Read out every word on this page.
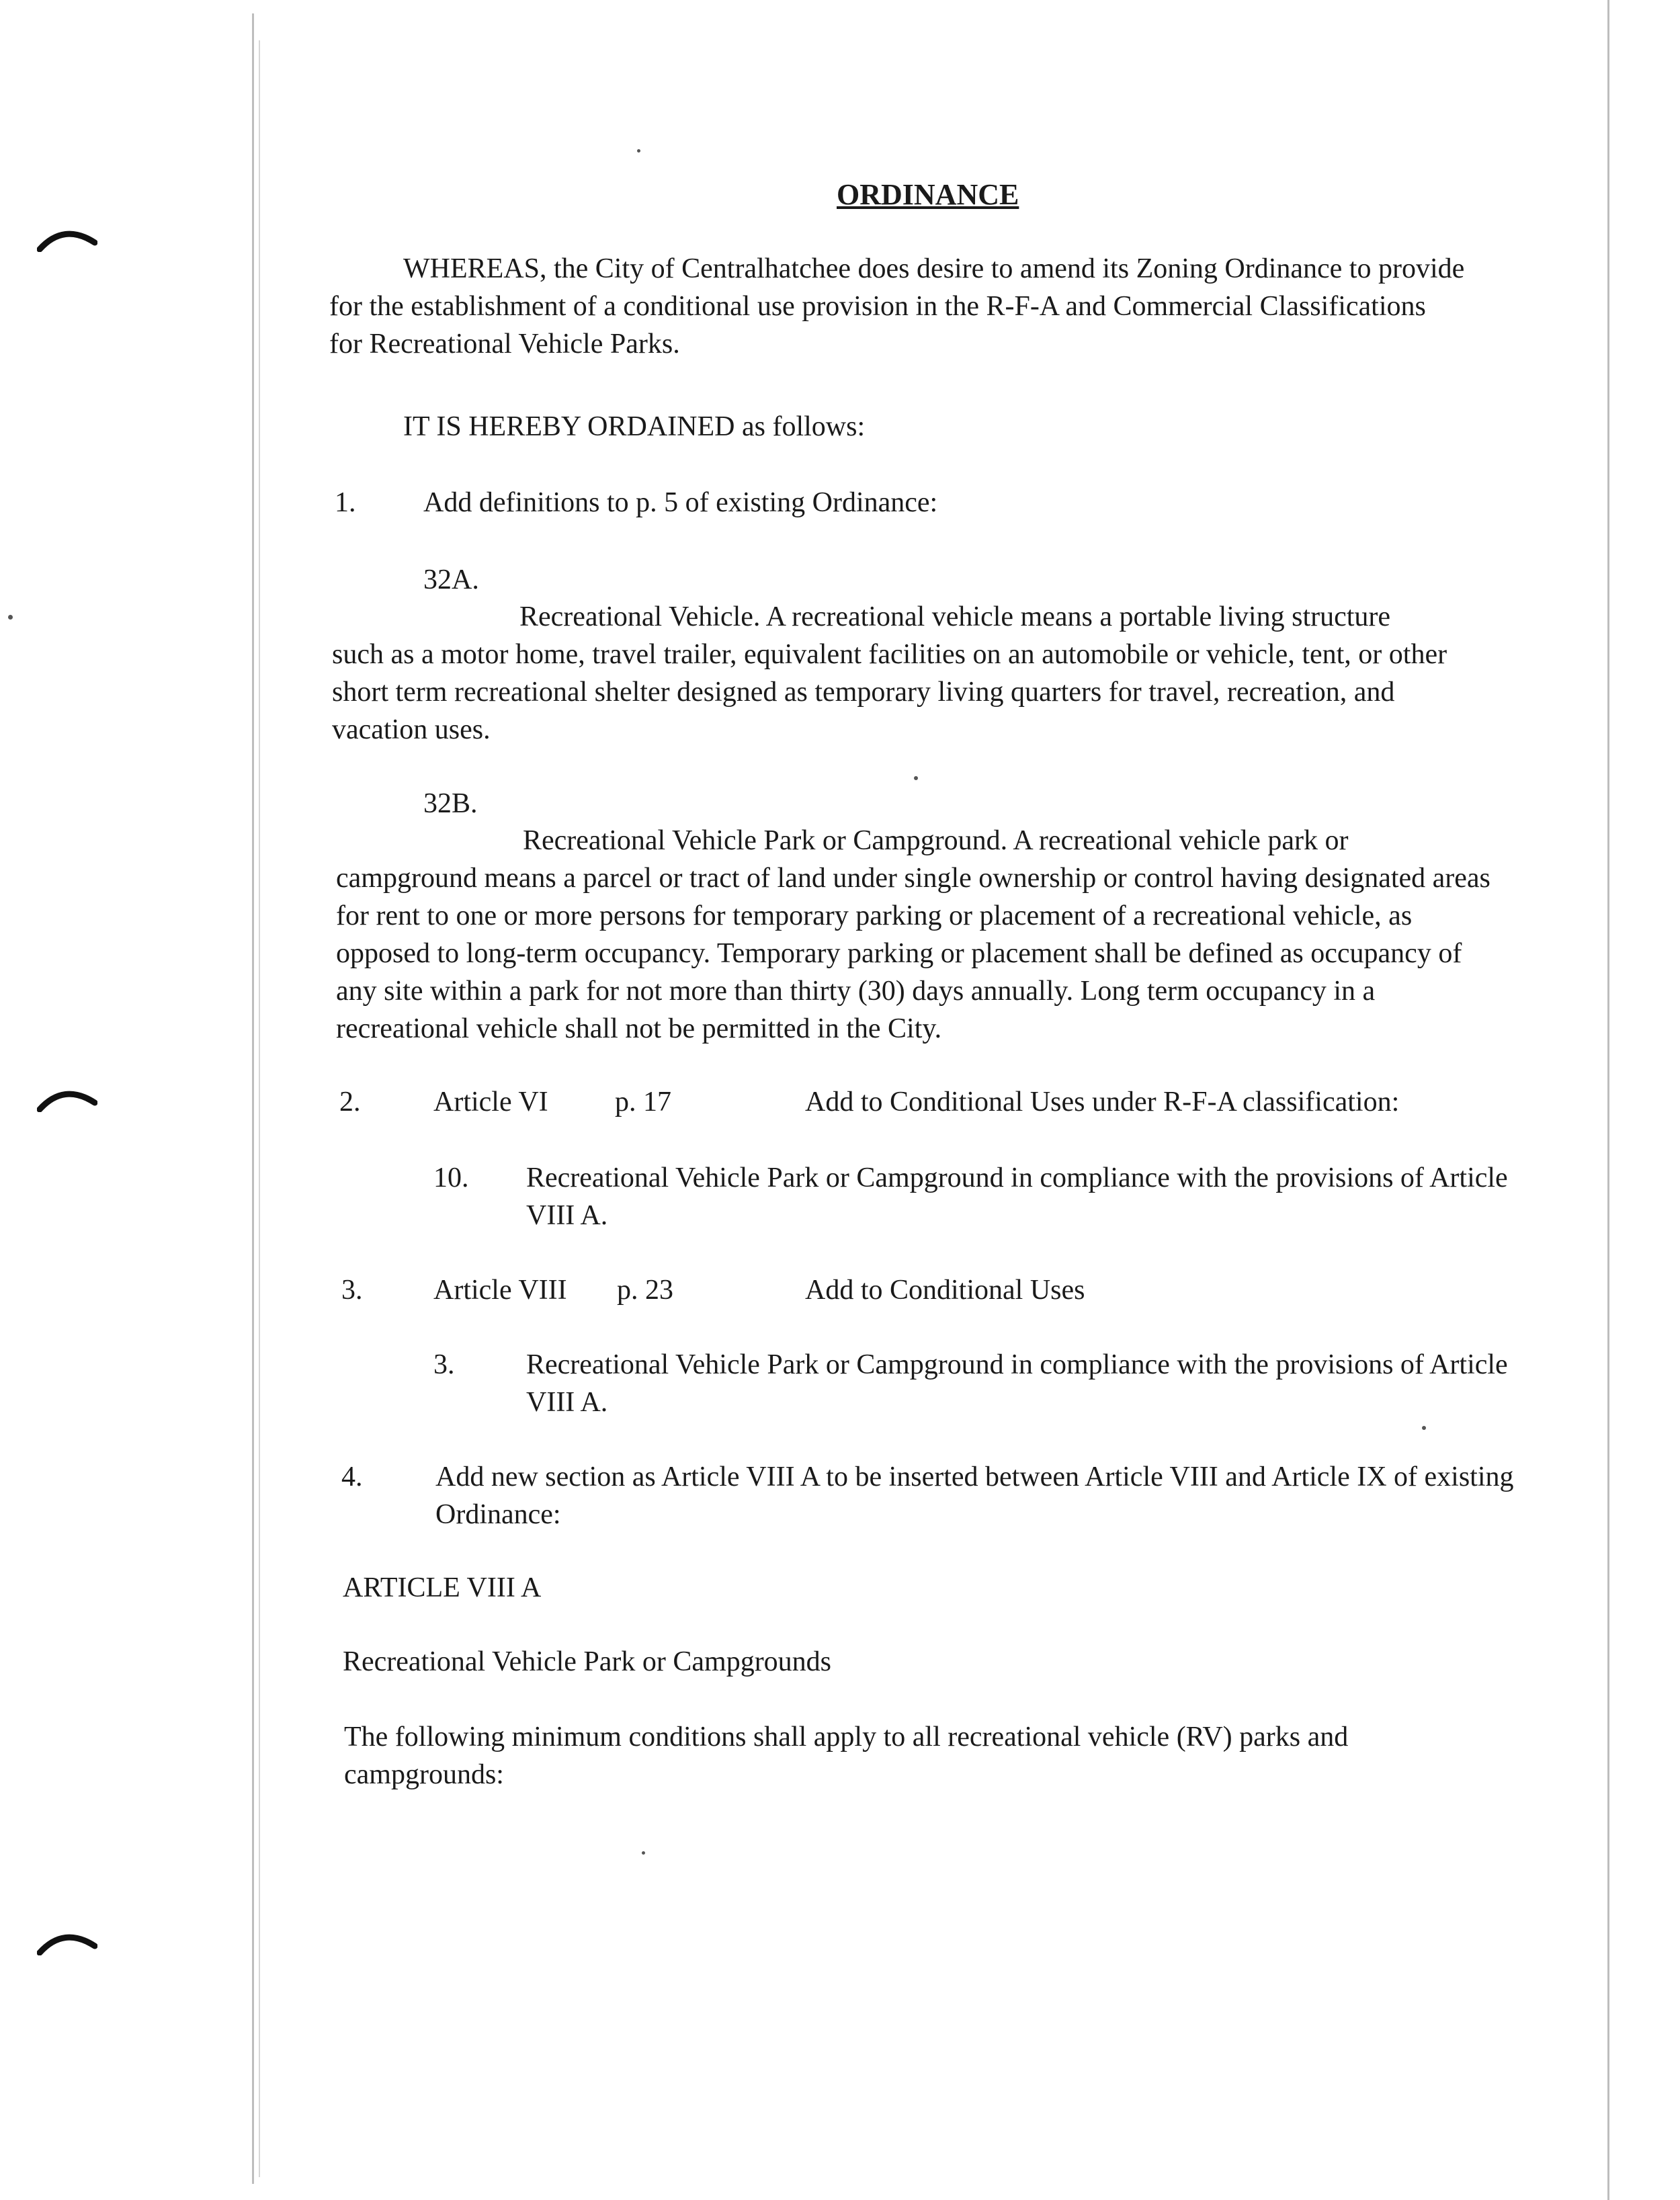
ORDINANCE
WHEREAS, the City of Centralhatchee does desire to amend its Zoning Ordinance to provide for the establishment of a conditional use provision in the R-F-A and Commercial Classifications for Recreational Vehicle Parks.
IT IS HEREBY ORDAINED as follows:
1. Add definitions to p. 5 of existing Ordinance:
32A.
Recreational Vehicle. A recreational vehicle means a portable living structure
such as a motor home, travel trailer, equivalent facilities on an automobile or vehicle, tent, or other short term recreational shelter designed as temporary living quarters for travel, recreation, and vacation uses.
32B.
Recreational Vehicle Park or Campground. A recreational vehicle park or
campground means a parcel or tract of land under single ownership or control having designated areas for rent to one or more persons for temporary parking or placement of a recreational vehicle, as opposed to long-term occupancy. Temporary parking or placement shall be defined as occupancy of any site within a park for not more than thirty (30) days annually. Long term occupancy in a recreational vehicle shall not be permitted in the City.
2.	Article VI p. 17	Add to Conditional Uses under R-F-A classification:
10. Recreational Vehicle Park or Campground in compliance with the provisions of Article VIII A.
3.	Article VIII p. 23	Add to Conditional Uses
3.	Recreational Vehicle Park or Campground in compliance with the provisions of Article VIII A.
4.	Add new section as Article VIII A to be inserted between Article VIII and Article IX of existing Ordinance:
ARTICLE VIII A
Recreational Vehicle Park or Campgrounds
The following minimum conditions shall apply to all recreational vehicle (RV) parks and campgrounds:
